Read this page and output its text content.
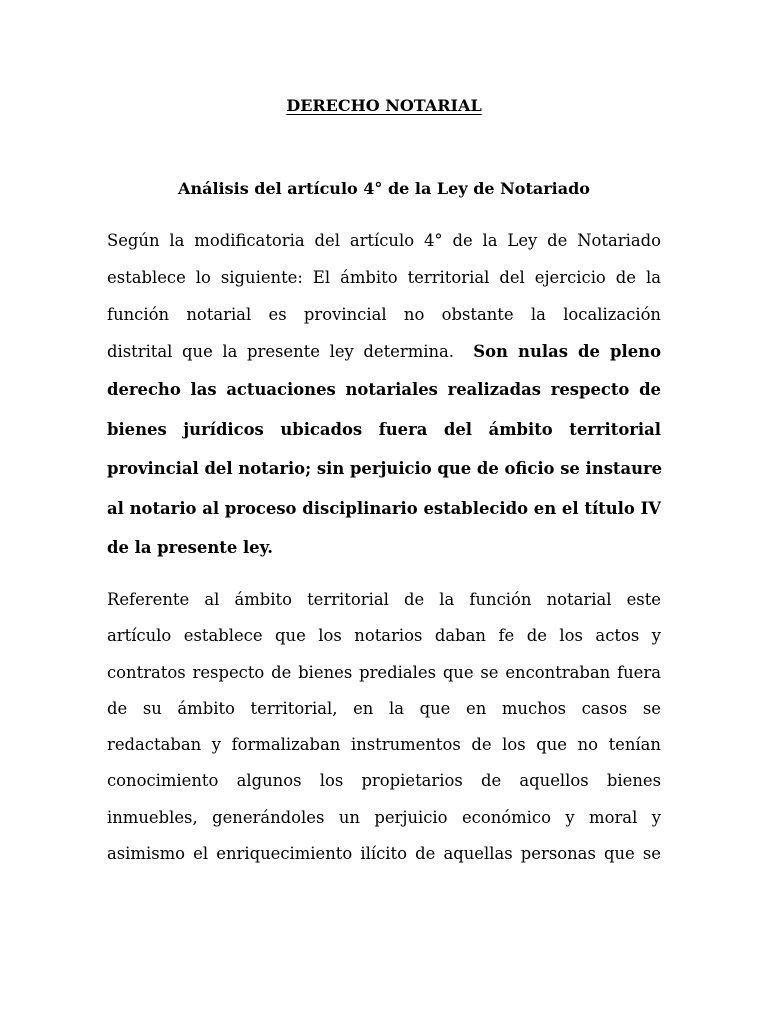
DERECHO NOTARIAL
Análisis del artículo 4° de la Ley de Notariado
Según la modificatoria del artículo 4° de la Ley de Notariado
establece lo siguiente: El ámbito territorial del ejercicio de la
función notarial es provincial no obstante la localización
distrital que la presente ley determina. Son nulas de pleno
derecho las actuaciones notariales realizadas respecto de
bienes jurídicos ubicados fuera del ámbito territorial
provincial del notario; sin perjuicio que de oficio se instaure
al notario al proceso disciplinario establecido en el título IV
de la presente ley.
Referente al ámbito territorial de la función notarial este
artículo establece que los notarios daban fe de los actos y
contratos respecto de bienes prediales que se encontraban fuera
de su ámbito territorial, en la que en muchos casos se
redactaban y formalizaban instrumentos de los que no tenían
conocimiento algunos los propietarios de aquellos bienes
inmuebles, generándoles un perjuicio económico y moral y
asimismo el enriquecimiento ilícito de aquellas personas que se
